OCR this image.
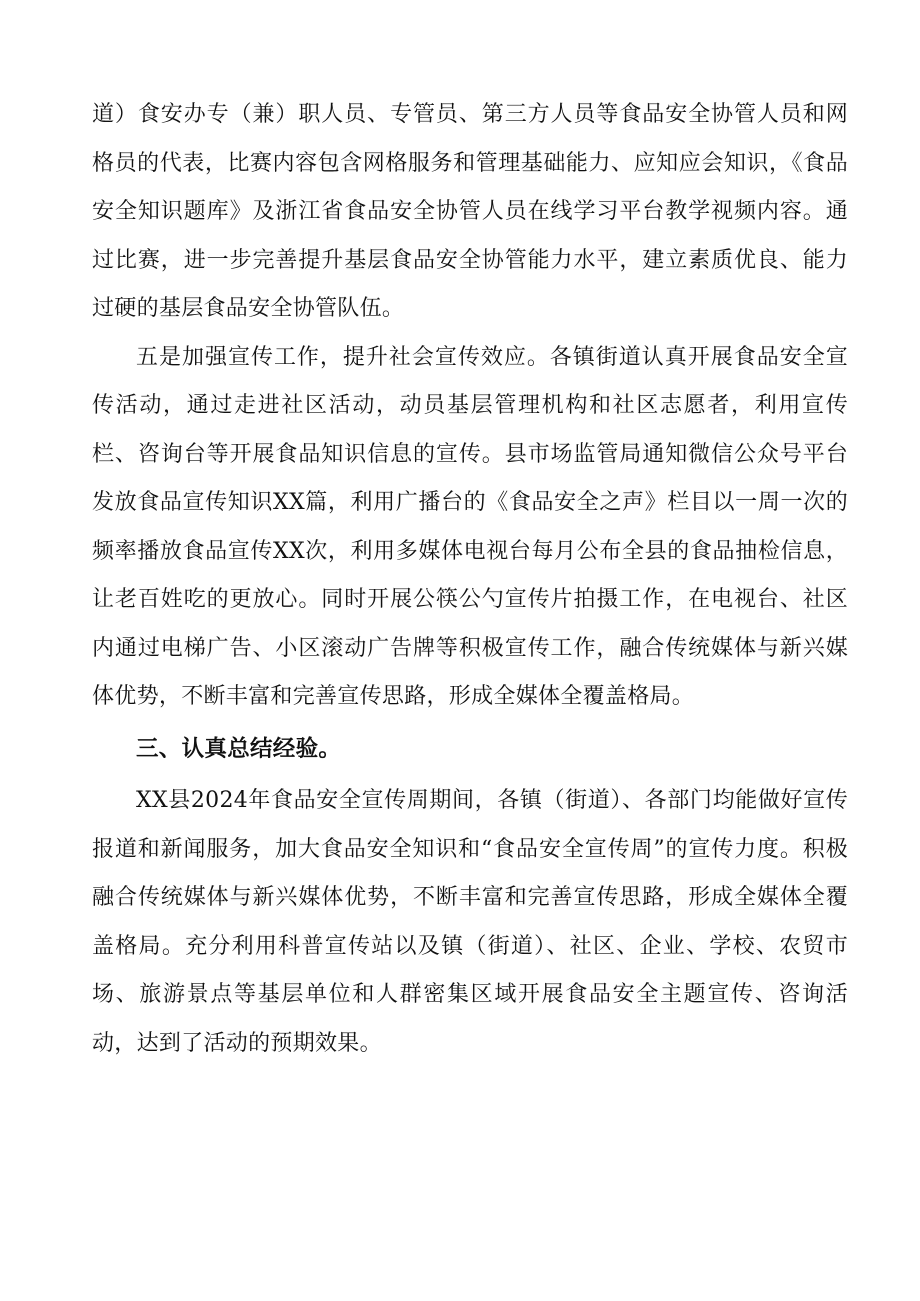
道）食安办专（兼）职人员、专管员、第三方人员等食品安全协管人员和网格员的代表，比赛内容包含网格服务和管理基础能力、应知应会知识，《食品安全知识题库》及浙江省食品安全协管人员在线学习平台教学视频内容。通过比赛，进一步完善提升基层食品安全协管能力水平，建立素质优良、能力过硬的基层食品安全协管队伍。

五是加强宣传工作，提升社会宣传效应。各镇街道认真开展食品安全宣传活动，通过走进社区活动，动员基层管理机构和社区志愿者，利用宣传栏、咨询台等开展食品知识信息的宣传。县市场监管局通知微信公众号平台发放食品宣传知识XX篇，利用广播台的《食品安全之声》栏目以一周一次的频率播放食品宣传XX次，利用多媒体电视台每月公布全县的食品抽检信息，让老百姓吃的更放心。同时开展公筷公勺宣传片拍摄工作，在电视台、社区内通过电梯广告、小区滚动广告牌等积极宣传工作，融合传统媒体与新兴媒体优势，不断丰富和完善宣传思路，形成全媒体全覆盖格局。

三、认真总结经验。

XX县2024年食品安全宣传周期间，各镇（街道）、各部门均能做好宣传报道和新闻服务，加大食品安全知识和“食品安全宣传周”的宣传力度。积极融合传统媒体与新兴媒体优势，不断丰富和完善宣传思路，形成全媒体全覆盖格局。充分利用科普宣传站以及镇（街道）、社区、企业、学校、农贸市场、旅游景点等基层单位和人群密集区域开展食品安全主题宣传、咨询活动，达到了活动的预期效果。
